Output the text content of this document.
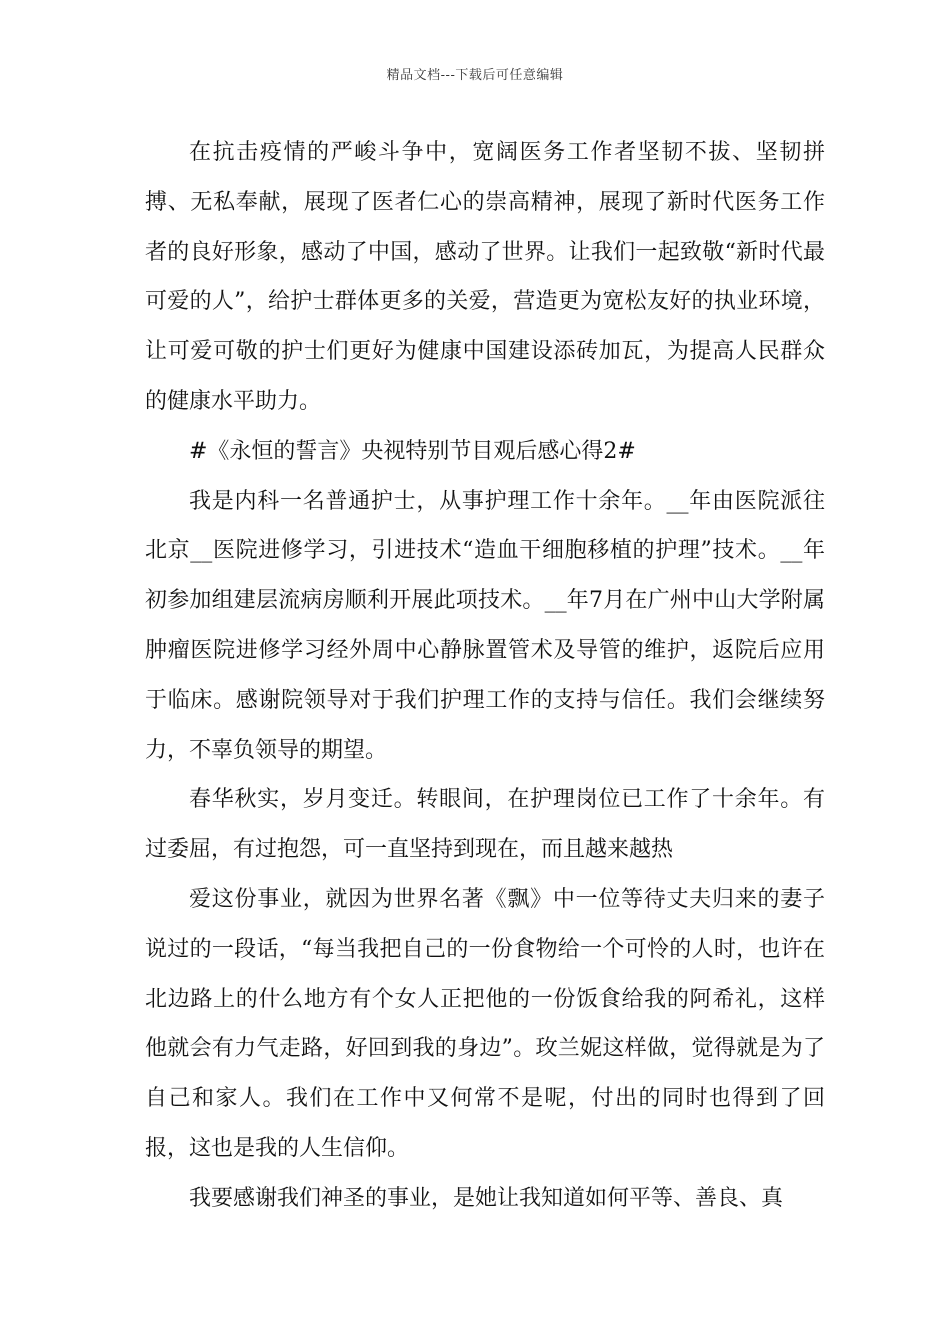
精品文档---下载后可任意编辑

在抗击疫情的严峻斗争中，宽阔医务工作者坚韧不拔、坚韧拼搏、无私奉献，展现了医者仁心的崇高精神，展现了新时代医务工作者的良好形象，感动了中国，感动了世界。让我们一起致敬“新时代最可爱的人”，给护士群体更多的关爱，营造更为宽松友好的执业环境，让可爱可敬的护士们更好为健康中国建设添砖加瓦，为提高人民群众的健康水平助力。

#《永恒的誓言》央视特别节目观后感心得2#

我是内科一名普通护士，从事护理工作十余年。__年由医院派往北京__医院进修学习，引进技术“造血干细胞移植的护理”技术。__年初参加组建层流病房顺利开展此项技术。__年7月在广州中山大学附属肿瘤医院进修学习经外周中心静脉置管术及导管的维护，返院后应用于临床。感谢院领导对于我们护理工作的支持与信任。我们会继续努力，不辜负领导的期望。

春华秋实，岁月变迁。转眼间，在护理岗位已工作了十余年。有过委屈，有过抱怨，可一直坚持到现在，而且越来越热

爱这份事业，就因为世界名著《飘》中一位等待丈夫归来的妻子说过的一段话，“每当我把自己的一份食物给一个可怜的人时，也许在北边路上的什么地方有个女人正把他的一份饭食给我的阿希礼，这样他就会有力气走路，好回到我的身边”。玫兰妮这样做，觉得就是为了自己和家人。我们在工作中又何常不是呢，付出的同时也得到了回报，这也是我的人生信仰。

我要感谢我们神圣的事业，是她让我知道如何平等、善良、真
